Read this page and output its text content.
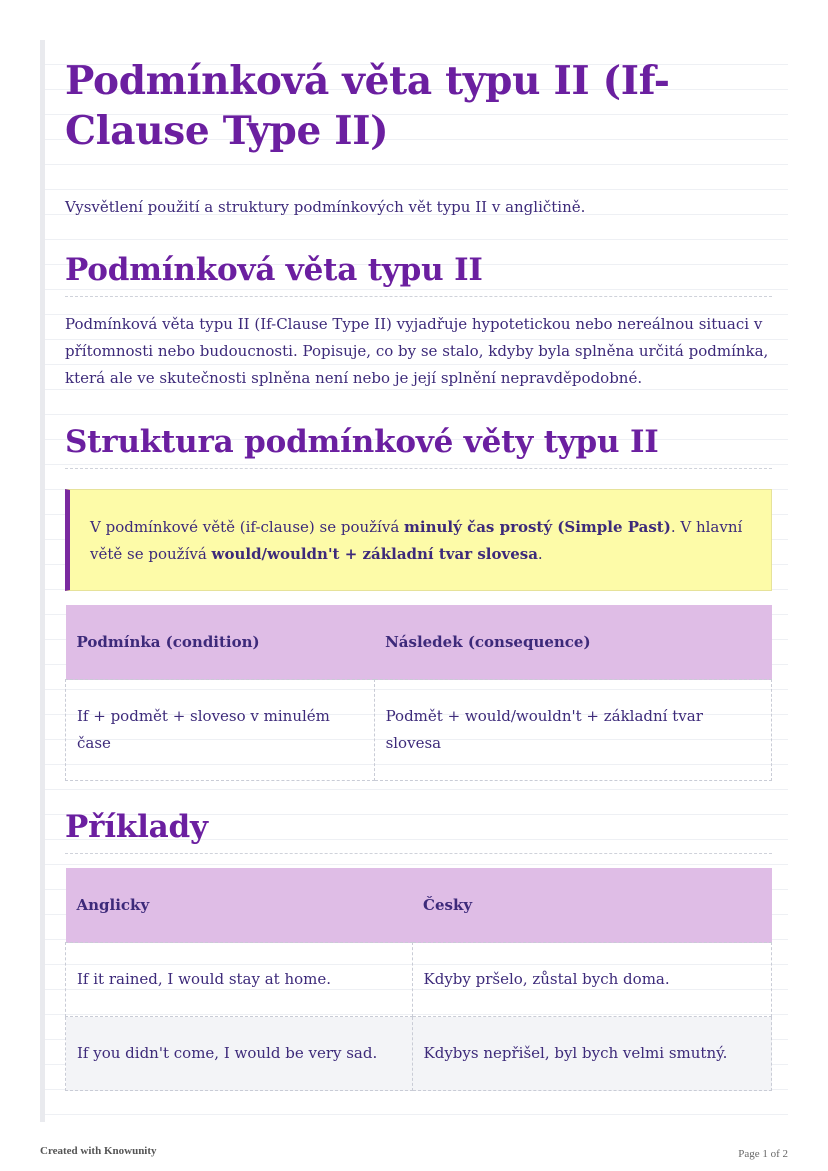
Podmínková věta typu II (If-Clause Type II)
Vysvětlení použití a struktury podmínkových vět typu II v angličtině.
Podmínková věta typu II

Podmínková věta typu II (If-Clause Type II) vyjadřuje hypotetickou nebo nereálnou situaci v přítomnosti nebo budoucnosti. Popisuje, co by se stalo, kdyby byla splněna určitá podmínka, která ale ve skutečnosti splněna není nebo je její splnění nepravděpodobné.

Struktura podmínkové věty typu II
V podmínkové větě (if-clause) se používá minulý čas prostý (Simple Past). V hlavní větě se používá would/wouldn't + základní tvar slovesa.
Podmínka (condition)	Následek (consequence)
If + podmět + sloveso v minulém čase	Podmět + would/wouldn't + základní tvar slovesa
Příklady
Anglicky	Česky
If it rained, I would stay at home.	Kdyby pršelo, zůstal bych doma.
If you didn't come, I would be very sad.	Kdybys nepřišel, byl bych velmi smutný.
Created with Knowunity	Page 1 of 2
